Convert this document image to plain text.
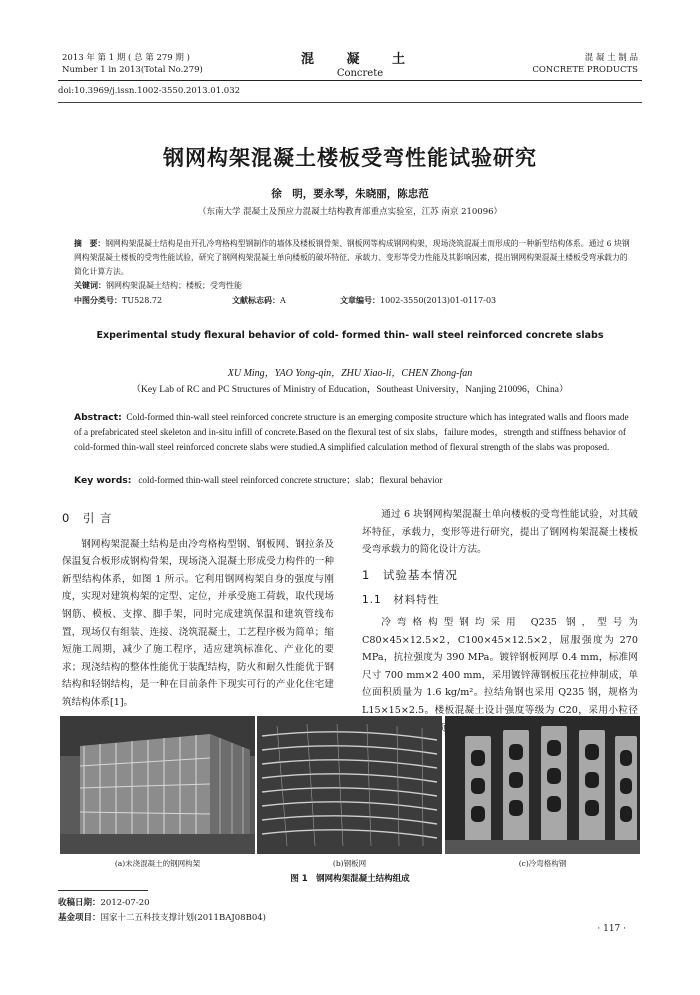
2013 年 第 1 期 ( 总 第 279 期 )
Number 1 in 2013(Total No.279)
混 凝 土
Concrete
混 凝 土 制 品
CONCRETE PRODUCTS
doi:10.3969/j.issn.1002-3550.2013.01.032
钢网构架混凝土楼板受弯性能试验研究
徐　明，要永琴，朱晓丽，陈忠范
（东南大学 混凝土及预应力混凝土结构教育部重点实验室，江苏 南京 210096）
摘　要：钢网构架混凝土结构是由开孔冷弯格构型钢制作的墙体及楼板钢骨架、钢板网等构成钢网构架，现场浇筑混凝土而形成的一种新型结构体系。通过 6 块钢网构架混凝土楼板的受弯性能试验，研究了钢网构架混凝土单向楼板的破坏特征、承载力、变形等受力性能及其影响因素，提出钢网构架混凝土楼板受弯承载力的简化计算方法。
关键词：钢网构架混凝土结构；楼板；受弯性能
中图分类号：TU528.72	文献标志码：A	文章编号：1002-3550(2013)01-0117-03
Experimental study flexural behavior of cold- formed thin- wall steel reinforced concrete slabs
XU Ming，YAO Yong-qin，ZHU Xiao-li，CHEN Zhong-fan
（Key Lab of RC and PC Structures of Ministry of Education，Southeast University，Nanjing 210096，China）
Abstract: Cold-formed thin-wall steel reinforced concrete structure is an emerging composite structure which has integrated walls and floors made of a prefabricated steel skeleton and in-situ infill of concrete.Based on the flexural test of six slabs，failure modes，strength and stiffness behavior of cold-formed thin-wall steel reinforced concrete slabs were studied.A simplified calculation method of flexural strength of the slabs was proposed.
Key words: cold-formed thin-wall steel reinforced concrete structure；slab；flexural behavior
0　引 言

钢网构架混凝土结构是由冷弯格构型钢、钢板网、钢拉条及保温复合板形成钢构骨架，现场浇入混凝土形成受力构件的一种新型结构体系，如图 1 所示。它利用钢网构架自身的强度与刚度，实现对建筑构架的定型、定位，并承受施工荷载，取代现场钢筋、模板、支撑、脚手架，同时完成建筑保温和建筑管线布置，现场仅有组装、连接、浇筑混凝土，工艺程序极为简单；缩短施工周期，减少了施工程序，适应建筑标准化、产业化的要求；现浇结构的整体性能优于装配结构，防火和耐久性能优于钢结构和轻钢结构，是一种在目前条件下现实可行的产业化住宅建筑结构体系[1]。

通过 6 块钢网构架混凝土单向楼板的受弯性能试验，对其破坏特征，承载力，变形等进行研究，提出了钢网构架混凝土楼板受弯承载力的简化设计方法。

1　试验基本情况
1.1　材料特性

冷弯格构型钢均采用 Q235 钢，型号为 C80×45×12.5×2，C100×45×12.5×2，屈服强度为 270 MPa，抗拉强度为 390 MPa。镀锌钢板网厚 0.4 mm，标准网尺寸 700 mm×2 400 mm，采用镀锌薄钢板压花拉伸制成，单位面积质量为 1.6 kg/m²。拉结角钢也采用 Q235 钢，规格为 L15×15×2.5。楼板混凝土设计强度等级为 C20，采用小粒径

(a)未浇混凝土的钢网构架	(b)钢板网	(c)冷弯格构钢
图 1　钢网构架混凝土结构组成
收稿日期：2012-07-20
基金项目：国家十二五科技支撑计划(2011BAJ08B04)
· 117 ·
